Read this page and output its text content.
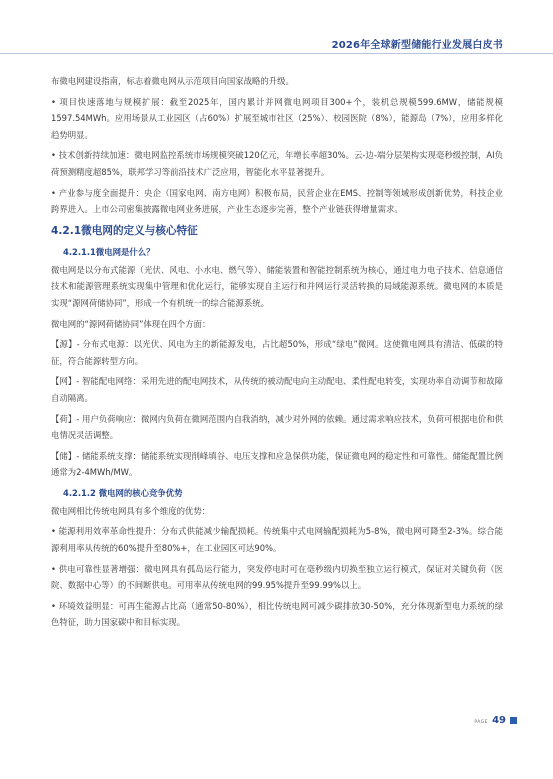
2026年全球新型储能行业发展白皮书

布微电网建设指南，标志着微电网从示范项目向国家战略的升级。

• 项目快速落地与规模扩展：截至2025年，国内累计并网微电网项目300+个，装机总规模599.6MW，储能规模1597.54MWh。应用场景从工业园区（占60%）扩展至城市社区（25%）、校园医院（8%），能源岛（7%），应用多样化趋势明显。

• 技术创新持续加速：微电网监控系统市场规模突破120亿元，年增长率超30%。云-边-端分层架构实现毫秒级控制，AI负荷预测精度超85%，联邦学习等前沿技术广泛应用，智能化水平显著提升。

• 产业参与度全面提升：央企（国家电网、南方电网）积极布局，民营企业在EMS、控制等领域形成创新优势，科技企业跨界进入。上市公司密集披露微电网业务进展，产业生态逐步完善，整个产业链获得增量需求。

4.2.1微电网的定义与核心特征
4.2.1.1微电网是什么？

微电网是以分布式能源（光伏、风电、小水电、燃气等）、储能装置和智能控制系统为核心，通过电力电子技术、信息通信技术和能源管理系统实现集中管理和优化运行，能够实现自主运行和并网运行灵活转换的局域能源系统。微电网的本质是实现“源网荷储协同”，形成一个有机统一的综合能源系统。

微电网的“源网荷储协同”体现在四个方面：

【源】- 分布式电源：以光伏、风电为主的新能源发电，占比超50%，形成“绿电”微网。这使微电网具有清洁、低碳的特征，符合能源转型方向。

【网】- 智能配电网络：采用先进的配电网技术，从传统的被动配电向主动配电、柔性配电转变，实现功率自动调节和故障自动隔离。

【荷】- 用户负荷响应：微网内负荷在微网范围内自我消纳，减少对外网的依赖。通过需求响应技术，负荷可根据电价和供电情况灵活调整。

【储】- 储能系统支撑：储能系统实现削峰填谷、电压支撑和应急保供功能，保证微电网的稳定性和可靠性。储能配置比例通常为2-4MWh/MW。

4.2.1.2 微电网的核心竞争优势

微电网相比传统电网具有多个维度的优势：

• 能源利用效率革命性提升：分布式供能减少输配损耗。传统集中式电网输配损耗为5-8%，微电网可降至2-3%。综合能源利用率从传统的60%提升至80%+，在工业园区可达90%。

• 供电可靠性显著增强：微电网具有孤岛运行能力，突发停电时可在毫秒级内切换至独立运行模式，保证对关键负荷（医院、数据中心等）的不间断供电。可用率从传统电网的99.95%提升至99.99%以上。

• 环境效益明显：可再生能源占比高（通常50-80%），相比传统电网可减少碳排放30-50%，充分体现新型电力系统的绿色特征，助力国家碳中和目标实现。

PAGE 49
